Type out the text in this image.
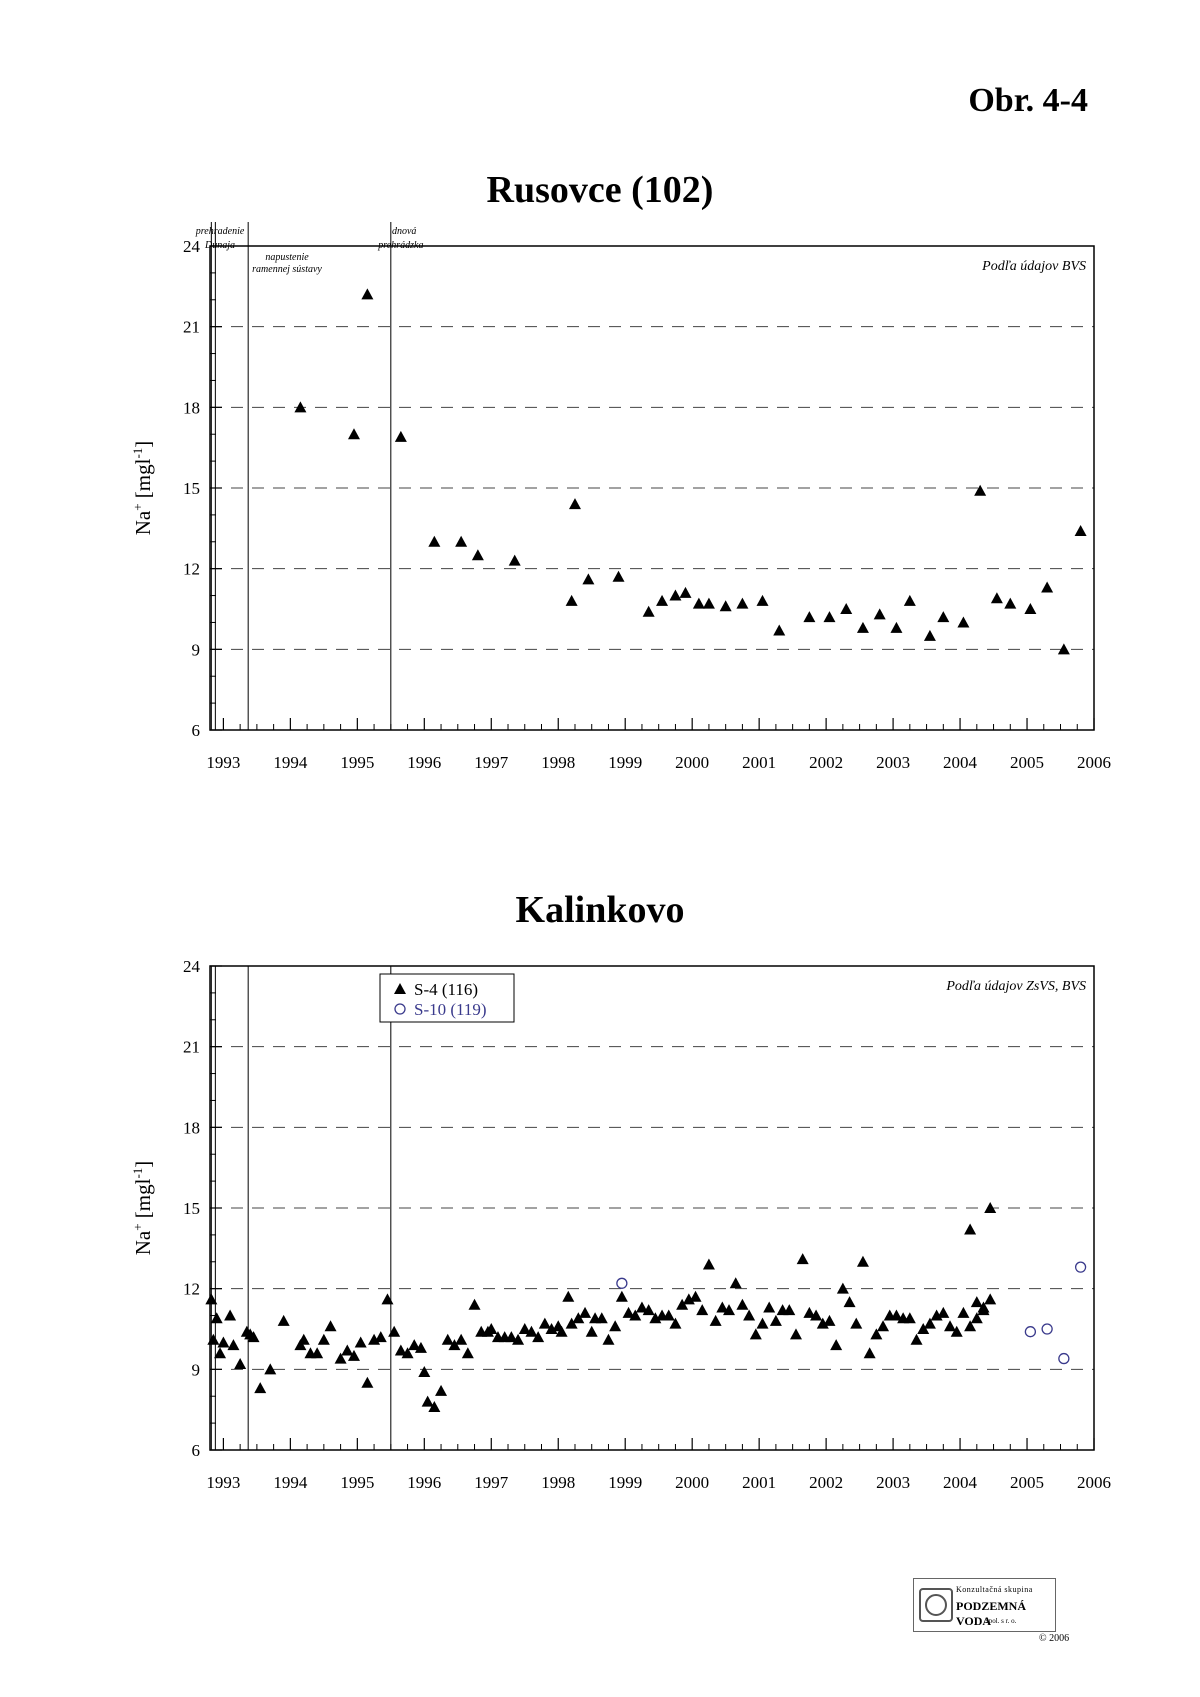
Obr. 4-4
Rusovce (102)
6
9
12
15
18
21
24
1993 1994 1995 1996 1997 1998 1999 2000 2001 2002 2003 2004 2005 2006
prehradenie
Dunaja
napustenie
ramennej sústavy
dnová
prehrádzka
Podľa údajov BVS
Na+ [mgl$^{-1}$]
Kalinkovo
6
9
12
15
18
21
24
1993 1994 1995 1996 1997 1998 1999 2000 2001 2002 2003 2004 2005 2006
Podľa údajov ZsVS, BVS
Na+ [mgl$^{-1}$]
S-4 (116)
S-10 (119)
Konzultačná skupina
PODZEMNÁ VODA
spol. s r. o.
© 2006
